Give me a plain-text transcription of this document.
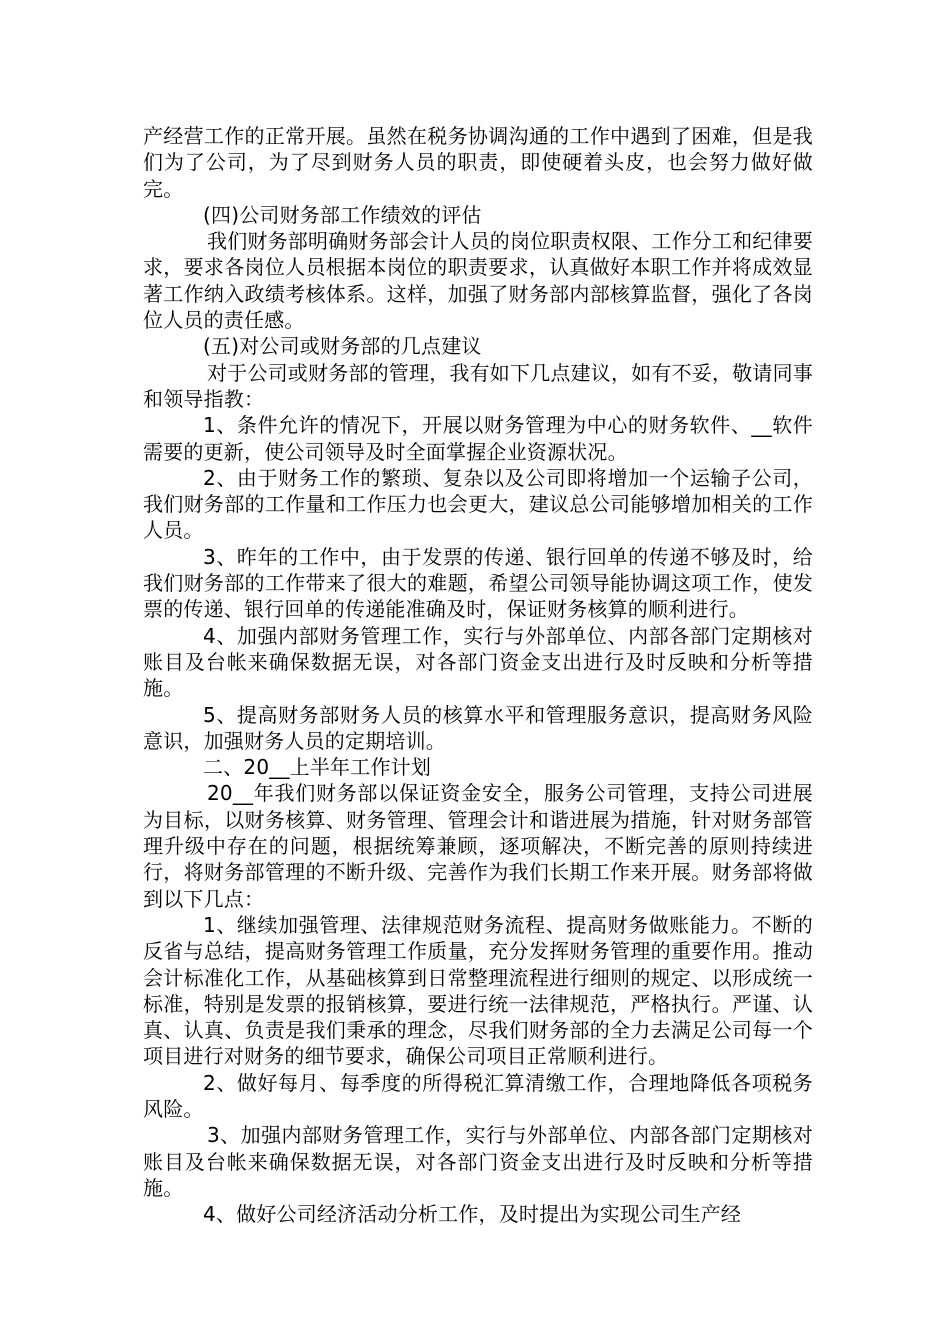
产经营工作的正常开展。虽然在税务协调沟通的工作中遇到了困难，但是我们为了公司，为了尽到财务人员的职责，即使硬着头皮，也会努力做好做完。

(四)公司财务部工作绩效的评估

我们财务部明确财务部会计人员的岗位职责权限、工作分工和纪律要求，要求各岗位人员根据本岗位的职责要求，认真做好本职工作并将成效显著工作纳入政绩考核体系。这样，加强了财务部内部核算监督，强化了各岗位人员的责任感。

(五)对公司或财务部的几点建议

对于公司或财务部的管理，我有如下几点建议，如有不妥，敬请同事和领导指教：

1、条件允许的情况下，开展以财务管理为中心的财务软件、__软件需要的更新，使公司领导及时全面掌握企业资源状况。

2、由于财务工作的繁琐、复杂以及公司即将增加一个运输子公司，我们财务部的工作量和工作压力也会更大，建议总公司能够增加相关的工作人员。

3、昨年的工作中，由于发票的传递、银行回单的传递不够及时，给我们财务部的工作带来了很大的难题，希望公司领导能协调这项工作，使发票的传递、银行回单的传递能准确及时，保证财务核算的顺利进行。

4、加强内部财务管理工作，实行与外部单位、内部各部门定期核对账目及台帐来确保数据无误，对各部门资金支出进行及时反映和分析等措施。

5、提高财务部财务人员的核算水平和管理服务意识，提高财务风险意识，加强财务人员的定期培训。

二、20__上半年工作计划

20__年我们财务部以保证资金安全，服务公司管理，支持公司进展为目标，以财务核算、财务管理、管理会计和谐进展为措施，针对财务部管理升级中存在的问题，根据统筹兼顾，逐项解决，不断完善的原则持续进行，将财务部管理的不断升级、完善作为我们长期工作来开展。财务部将做到以下几点：

1、继续加强管理、法律规范财务流程、提高财务做账能力。不断的反省与总结，提高财务管理工作质量，充分发挥财务管理的重要作用。推动会计标准化工作，从基础核算到日常整理流程进行细则的规定、以形成统一标准，特别是发票的报销核算，要进行统一法律规范，严格执行。严谨、认真、认真、负责是我们秉承的理念，尽我们财务部的全力去满足公司每一个项目进行对财务的细节要求，确保公司项目正常顺利进行。

2、做好每月、每季度的所得税汇算清缴工作，合理地降低各项税务风险。

3、加强内部财务管理工作，实行与外部单位、内部各部门定期核对账目及台帐来确保数据无误，对各部门资金支出进行及时反映和分析等措施。

4、做好公司经济活动分析工作，及时提出为实现公司生产经
